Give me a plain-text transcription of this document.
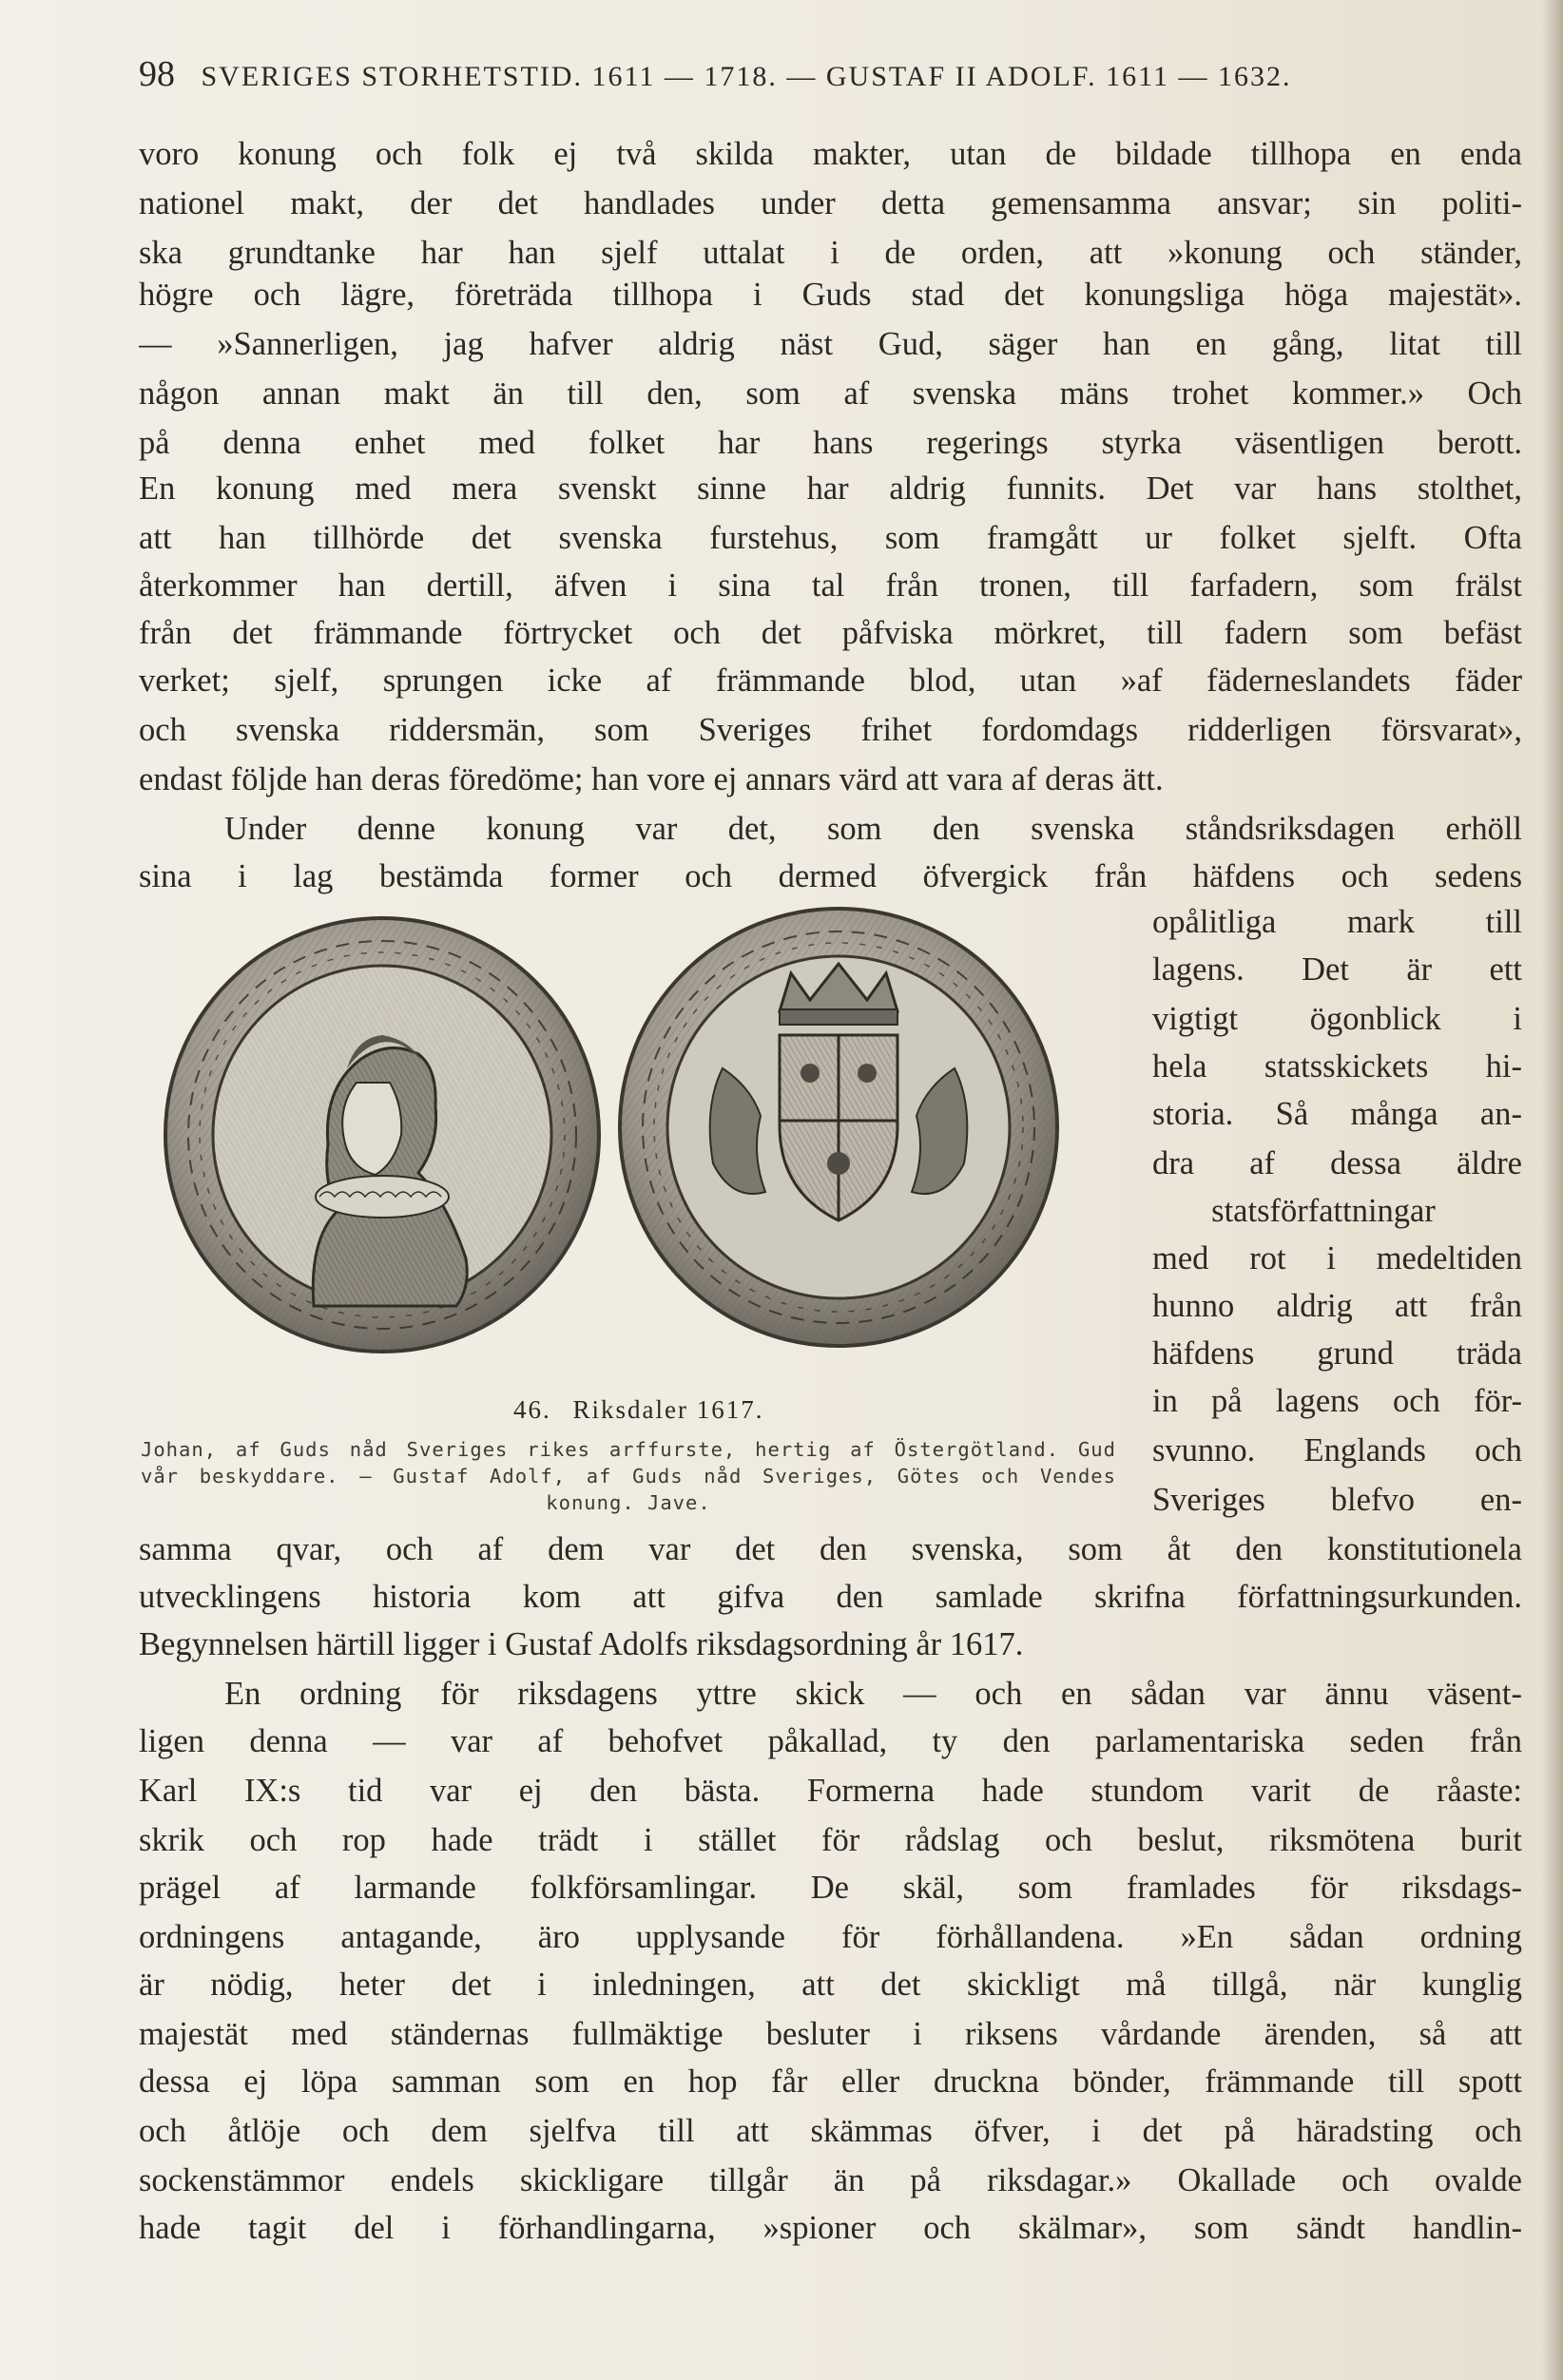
98 SVERIGES STORHETSTID. 1611 — 1718. — GUSTAF II ADOLF. 1611 — 1632.
voro konung och folk ej två skilda makter, utan de bildade tillhopa en enda
nationel makt, der det handlades under detta gemensamma ansvar; sin politi-
ska grundtanke har han sjelf uttalat i de orden, att »konung och ständer,
högre och lägre, företräda tillhopa i Guds stad det konungsliga höga majestät».
— »Sannerligen, jag hafver aldrig näst Gud, säger han en gång, litat till
någon annan makt än till den, som af svenska mäns trohet kommer.» Och
på denna enhet med folket har hans regerings styrka väsentligen berott.
En konung med mera svenskt sinne har aldrig funnits. Det var hans stolthet,
att han tillhörde det svenska furstehus, som framgått ur folket sjelft. Ofta
återkommer han dertill, äfven i sina tal från tronen, till farfadern, som frälst
från det främmande förtrycket och det påfviska mörkret, till fadern som befäst
verket; sjelf, sprungen icke af främmande blod, utan »af fäderneslandets fäder
och svenska riddersmän, som Sveriges frihet fordomdags ridderligen försvarat»,
endast följde han deras föredöme; han vore ej annars värd att vara af deras ätt.
Under denne konung var det, som den svenska ståndsriksdagen erhöll
sina i lag bestämda former och dermed öfvergick från häfdens och sedens
opålitliga mark till
lagens. Det är ett
vigtigt ögonblick i
hela statsskickets hi-
storia. Så många an-
dra af dessa äldre
statsförfattningar
med rot i medeltiden
hunno aldrig att från
häfdens grund träda
in på lagens och för-
svunno. Englands och
Sveriges blefvo en-
46. Riksdaler 1617.
Johan, af Guds nåd Sveriges rikes arffurste, hertig af Östergötland. Gud
vår beskyddare. — Gustaf Adolf, af Guds nåd Sveriges, Götes och Vendes
konung. Jave.
samma qvar, och af dem var det den svenska, som åt den konstitutionela
utvecklingens historia kom att gifva den samlade skrifna författningsurkunden.
Begynnelsen härtill ligger i Gustaf Adolfs riksdagsordning år 1617.
En ordning för riksdagens yttre skick — och en sådan var ännu väsent-
ligen denna — var af behofvet påkallad, ty den parlamentariska seden från
Karl IX:s tid var ej den bästa. Formerna hade stundom varit de råaste:
skrik och rop hade trädt i stället för rådslag och beslut, riksmötena burit
prägel af larmande folkförsamlingar. De skäl, som framlades för riksdags-
ordningens antagande, äro upplysande för förhållandena. »En sådan ordning
är nödig, heter det i inledningen, att det skickligt må tillgå, när kunglig
majestät med ständernas fullmäktige besluter i riksens vårdande ärenden, så att
dessa ej löpa samman som en hop får eller druckna bönder, främmande till spott
och åtlöje och dem sjelfva till att skämmas öfver, i det på häradsting och
sockenstämmor endels skickligare tillgår än på riksdagar.» Okallade och ovalde
hade tagit del i förhandlingarna, »spioner och skälmar», som sändt handlin-
